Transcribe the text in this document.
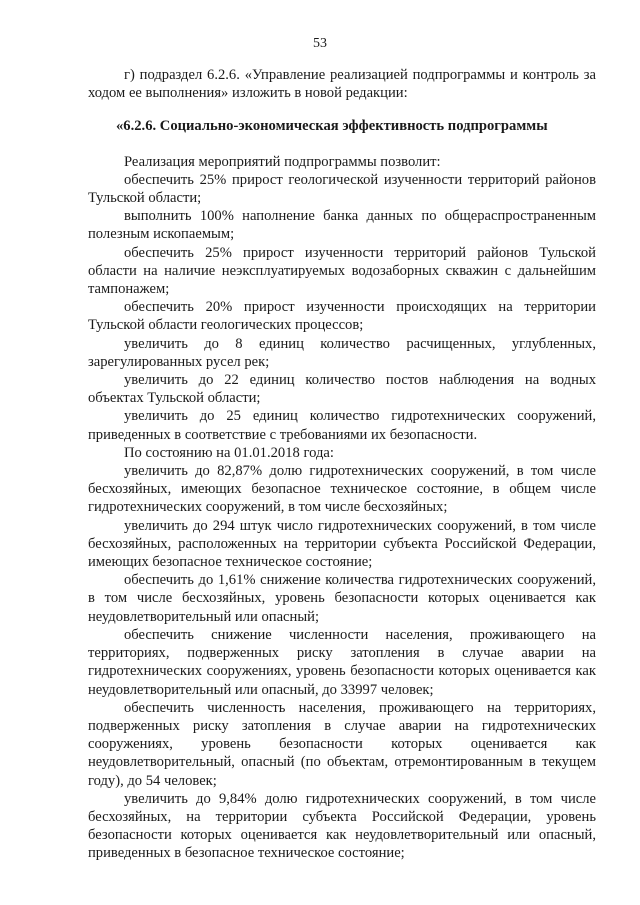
53

г) подраздел 6.2.6. «Управление реализацией подпрограммы и контроль за ходом ее выполнения» изложить в новой редакции:

«6.2.6. Социально-экономическая эффективность подпрограммы

Реализация мероприятий подпрограммы позволит:

обеспечить 25% прирост геологической изученности территорий районов Тульской области;

выполнить 100% наполнение банка данных по общераспространенным полезным ископаемым;

обеспечить 25% прирост изученности территорий районов Тульской области на наличие неэксплуатируемых водозаборных скважин с дальнейшим тампонажем;

обеспечить 20% прирост изученности происходящих на территории Тульской области геологических процессов;

увеличить до 8 единиц количество расчищенных, углубленных, зарегулированных русел рек;

увеличить до 22 единиц количество постов наблюдения на водных объектах Тульской области;

увеличить до 25 единиц количество гидротехнических сооружений, приведенных в соответствие с требованиями их безопасности.

По состоянию на 01.01.2018 года:

увеличить до 82,87% долю гидротехнических сооружений, в том числе бесхозяйных, имеющих безопасное техническое состояние, в общем числе гидротехнических сооружений, в том числе бесхозяйных;

увеличить до 294 штук число гидротехнических сооружений, в том числе бесхозяйных, расположенных на территории субъекта Российской Федерации, имеющих безопасное техническое состояние;

обеспечить до 1,61% снижение количества гидротехнических сооружений, в том числе бесхозяйных, уровень безопасности которых оценивается как неудовлетворительный или опасный;

обеспечить снижение численности населения, проживающего на территориях, подверженных риску затопления в случае аварии на гидротехнических сооружениях, уровень безопасности которых оценивается как неудовлетворительный или опасный, до 33997 человек;

обеспечить численность населения, проживающего на территориях, подверженных риску затопления в случае аварии на гидротехнических сооружениях, уровень безопасности которых оценивается как неудовлетворительный, опасный (по объектам, отремонтированным в текущем году), до 54 человек;

увеличить до 9,84% долю гидротехнических сооружений, в том числе бесхозяйных, на территории субъекта Российской Федерации, уровень безопасности которых оценивается как неудовлетворительный или опасный, приведенных в безопасное техническое состояние;
